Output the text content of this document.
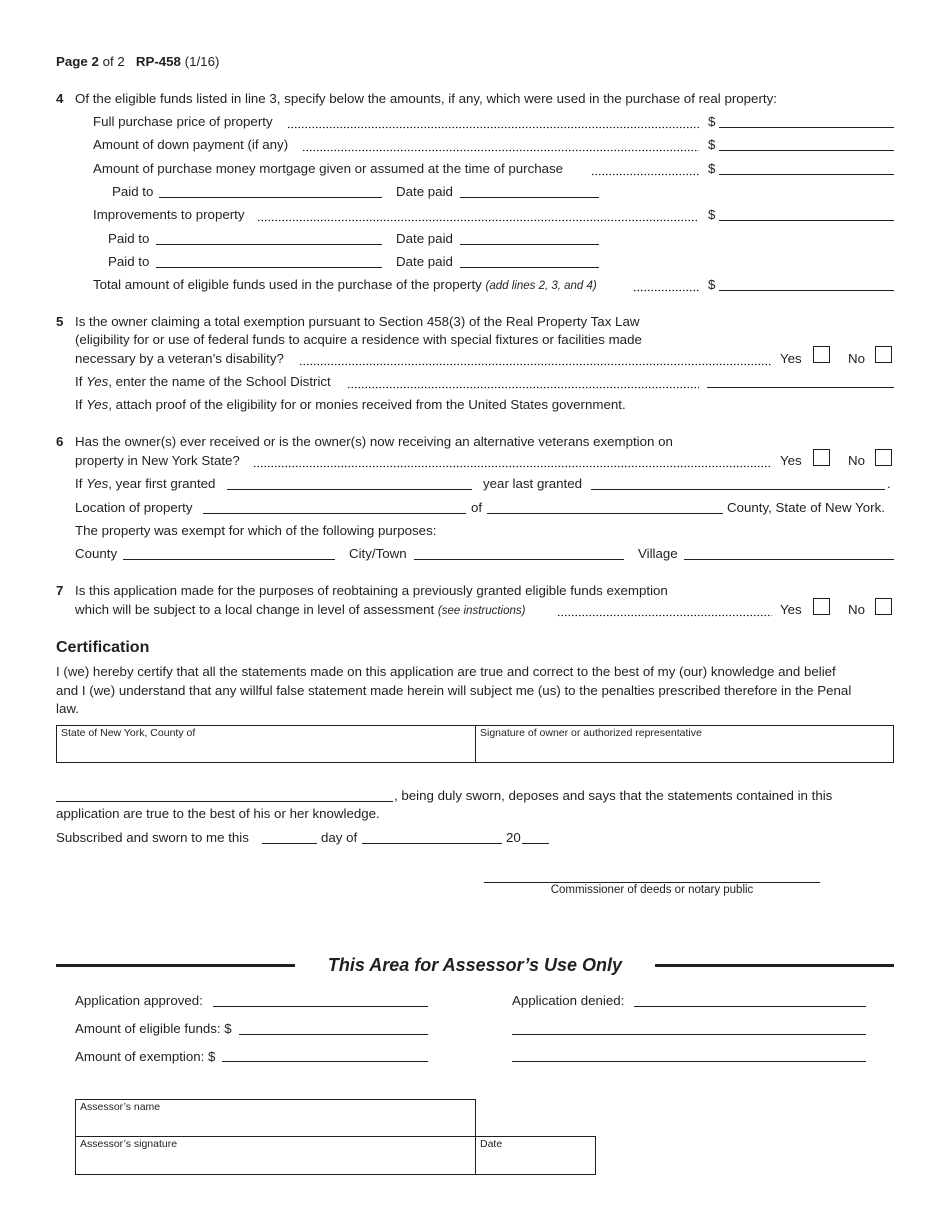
Page 2 of 2 RP-458 (1/16)
4 Of the eligible funds listed in line 3, specify below the amounts, if any, which were used in the purchase of real property:
Full purchase price of property	$
Amount of down payment (if any)	$
Amount of purchase money mortgage given or assumed at the time of purchase	$
Paid to	Date paid
Improvements to property	$
Paid to	Date paid
Paid to	Date paid
Total amount of eligible funds used in the purchase of the property (add lines 2, 3, and 4)	$
5 Is the owner claiming a total exemption pursuant to Section 458(3) of the Real Property Tax Law
(eligibility for or use of federal funds to acquire a residence with special fixtures or facilities made
necessary by a veteran’s disability?	Yes	No
If Yes, enter the name of the School District
If Yes, attach proof of the eligibility for or monies received from the United States government.
6 Has the owner(s) ever received or is the owner(s) now receiving an alternative veterans exemption on
property in New York State?	Yes	No
If Yes, year first granted	year last granted	.
Location of property	of	County, State of New York.
The property was exempt for which of the following purposes:
County	City/Town	Village
7 Is this application made for the purposes of reobtaining a previously granted eligible funds exemption
which will be subject to a local change in level of assessment (see instructions)	Yes	No
Certification
I (we) hereby certify that all the statements made on this application are true and correct to the best of my (our) knowledge and belief
and I (we) understand that any willful false statement made herein will subject me (us) to the penalties prescribed therefore in the Penal
law.
State of New York, County of	Signature of owner or authorized representative
, being duly sworn, deposes and says that the statements contained in this
application are true to the best of his or her knowledge.
Subscribed and sworn to me this	day of	20
Commissioner of deeds or notary public
This Area for Assessor’s Use Only
Application approved:	Application denied:
Amount of eligible funds: $
Amount of exemption: $
Assessor’s name
Assessor’s signature	Date
